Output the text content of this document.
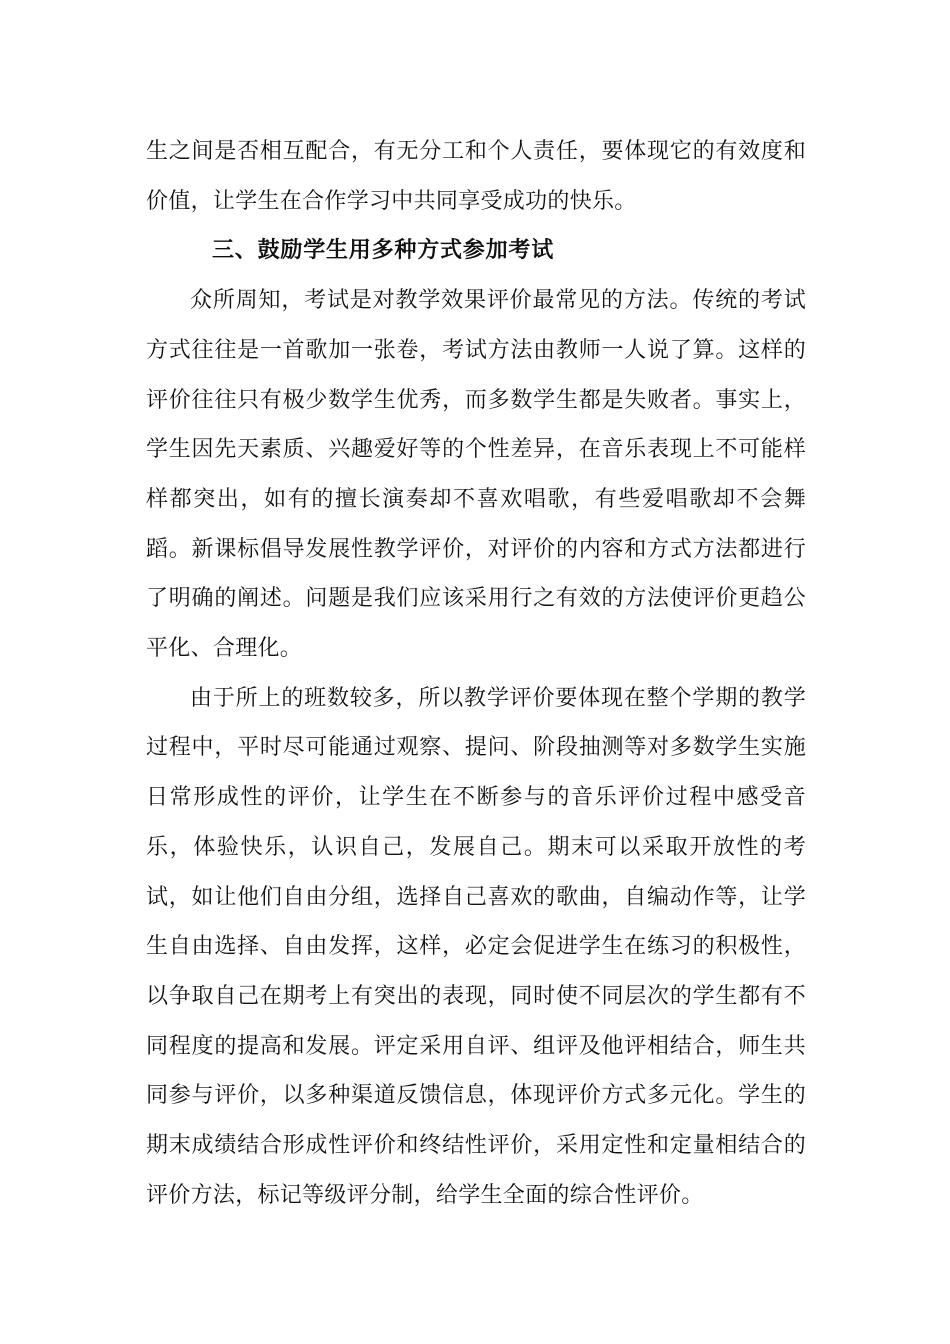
生之间是否相互配合，有无分工和个人责任，要体现它的有效度和价值，让学生在合作学习中共同享受成功的快乐。

三、鼓励学生用多种方式参加考试

众所周知，考试是对教学效果评价最常见的方法。传统的考试方式往往是一首歌加一张卷，考试方法由教师一人说了算。这样的评价往往只有极少数学生优秀，而多数学生都是失败者。事实上，学生因先天素质、兴趣爱好等的个性差异，在音乐表现上不可能样样都突出，如有的擅长演奏却不喜欢唱歌，有些爱唱歌却不会舞蹈。新课标倡导发展性教学评价，对评价的内容和方式方法都进行了明确的阐述。问题是我们应该采用行之有效的方法使评价更趋公平化、合理化。

由于所上的班数较多，所以教学评价要体现在整个学期的教学过程中，平时尽可能通过观察、提问、阶段抽测等对多数学生实施日常形成性的评价，让学生在不断参与的音乐评价过程中感受音乐，体验快乐，认识自己，发展自己。期末可以采取开放性的考试，如让他们自由分组，选择自己喜欢的歌曲，自编动作等，让学生自由选择、自由发挥，这样，必定会促进学生在练习的积极性，以争取自己在期考上有突出的表现，同时使不同层次的学生都有不同程度的提高和发展。评定采用自评、组评及他评相结合，师生共同参与评价，以多种渠道反馈信息，体现评价方式多元化。学生的期末成绩结合形成性评价和终结性评价，采用定性和定量相结合的评价方法，标记等级评分制，给学生全面的综合性评价。
